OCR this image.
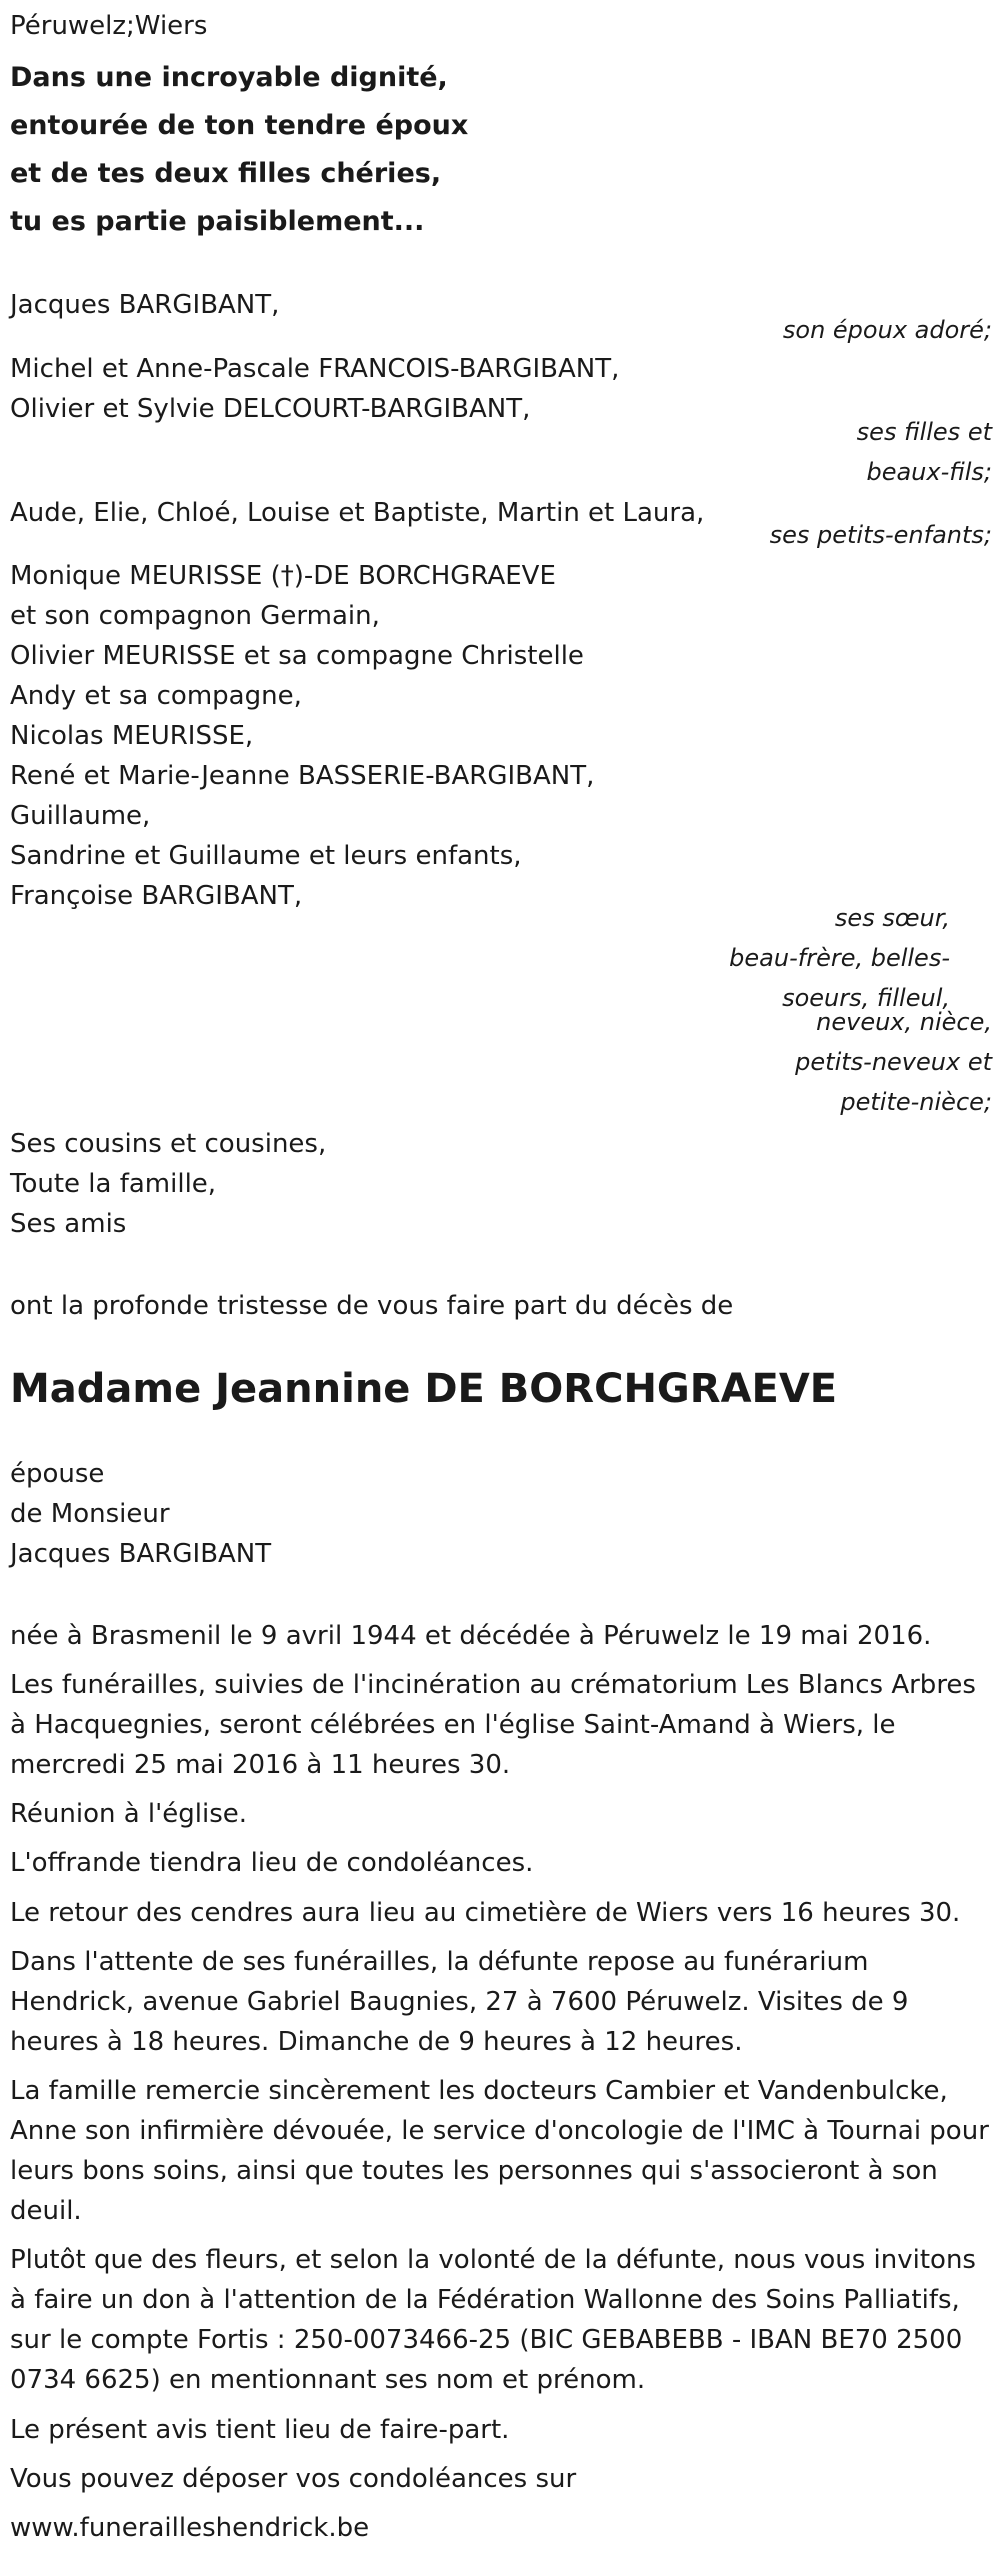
Péruwelz;Wiers
Dans une incroyable dignité,
entourée de ton tendre époux
et de tes deux filles chéries,
tu es partie paisiblement...
Jacques BARGIBANT,
son époux adoré;
Michel et Anne-Pascale FRANCOIS-BARGIBANT,
Olivier et Sylvie DELCOURT-BARGIBANT,
ses filles et
beaux-fils;
Aude, Elie, Chloé, Louise et Baptiste, Martin et Laura,
ses petits-enfants;
Monique MEURISSE (†)-DE BORCHGRAEVE
et son compagnon Germain,
Olivier MEURISSE et sa compagne Christelle
Andy et sa compagne,
Nicolas MEURISSE,
René et Marie-Jeanne BASSERIE-BARGIBANT,
Guillaume,
Sandrine et Guillaume et leurs enfants,
Françoise BARGIBANT,
ses sœur,
beau-frère, belles-
soeurs, filleul,
neveux, nièce,
petits-neveux et
petite-nièce;
Ses cousins et cousines,
Toute la famille,
Ses amis
ont la profonde tristesse de vous faire part du décès de
Madame Jeannine DE BORCHGRAEVE
épouse
de Monsieur
Jacques BARGIBANT
née à Brasmenil le 9 avril 1944 et décédée à Péruwelz le 19 mai 2016.
Les funérailles, suivies de l'incinération au crématorium Les Blancs Arbres à Hacquegnies, seront célébrées en l'église Saint-Amand à Wiers, le mercredi 25 mai 2016 à 11 heures 30.
Réunion à l'église.
L'offrande tiendra lieu de condoléances.
Le retour des cendres aura lieu au cimetière de Wiers vers 16 heures 30.
Dans l'attente de ses funérailles, la défunte repose au funérarium Hendrick, avenue Gabriel Baugnies, 27 à 7600 Péruwelz. Visites de 9 heures à 18 heures. Dimanche de 9 heures à 12 heures.
La famille remercie sincèrement les docteurs Cambier et Vandenbulcke, Anne son infirmière dévouée, le service d'oncologie de l'IMC à Tournai pour leurs bons soins, ainsi que toutes les personnes qui s'associeront à son deuil.
Plutôt que des fleurs, et selon la volonté de la défunte, nous vous invitons à faire un don à l'attention de la Fédération Wallonne des Soins Palliatifs, sur le compte Fortis : 250-0073466-25 (BIC GEBABEBB - IBAN BE70 2500 0734 6625) en mentionnant ses nom et prénom.
Le présent avis tient lieu de faire-part.
Vous pouvez déposer vos condoléances sur
www.funerailleshendrick.be
